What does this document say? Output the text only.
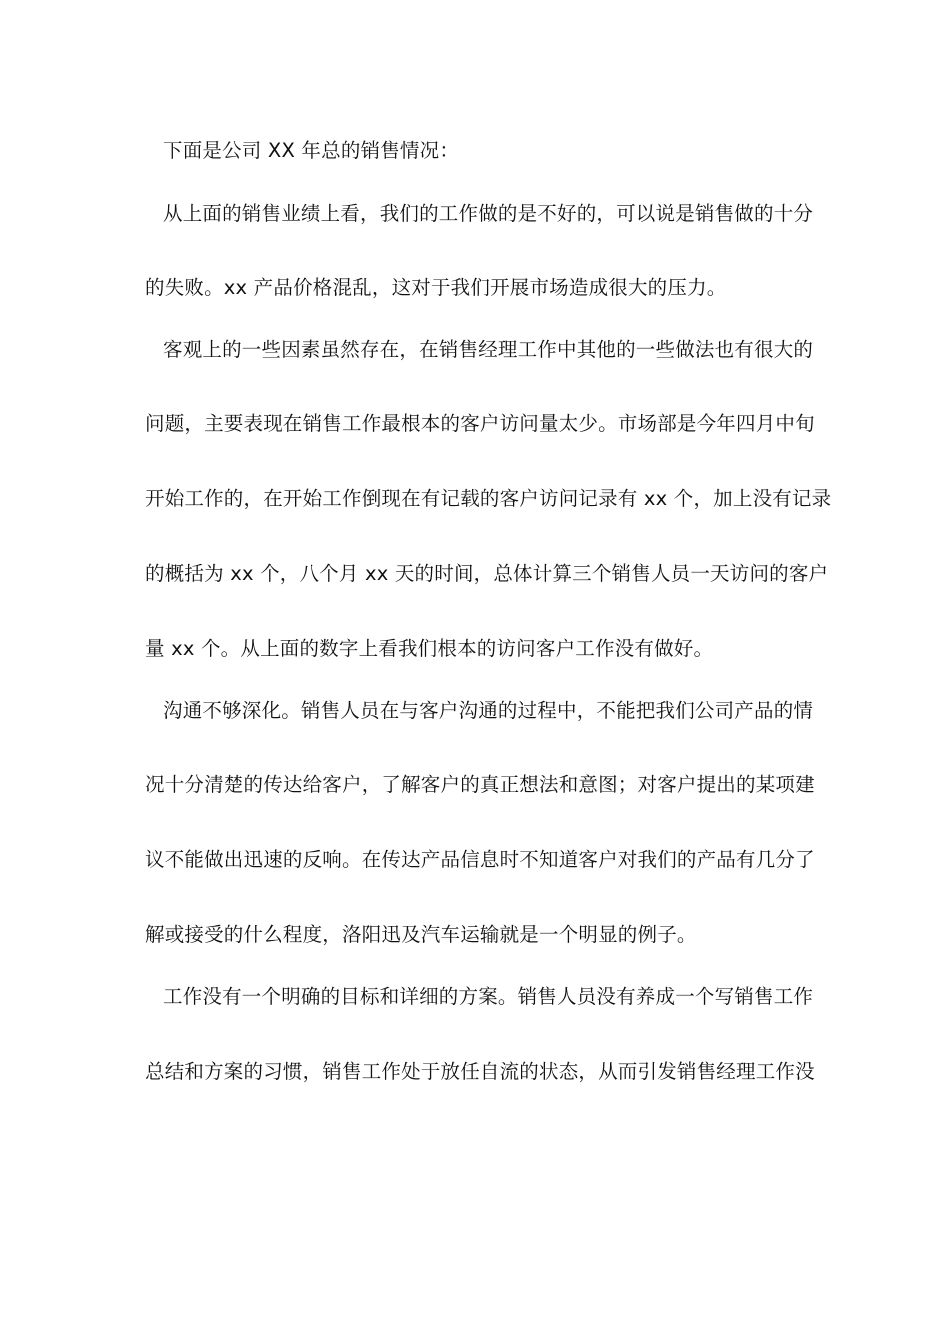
下面是公司 XX 年总的销售情况：
从上面的销售业绩上看，我们的工作做的是不好的，可以说是销售做的十分
的失败。xx 产品价格混乱，这对于我们开展市场造成很大的压力。
客观上的一些因素虽然存在，在销售经理工作中其他的一些做法也有很大的
问题，主要表现在销售工作最根本的客户访问量太少。市场部是今年四月中旬
开始工作的，在开始工作倒现在有记载的客户访问记录有 xx 个，加上没有记录
的概括为 xx 个，八个月 xx 天的时间，总体计算三个销售人员一天访问的客户
量 xx 个。从上面的数字上看我们根本的访问客户工作没有做好。
沟通不够深化。销售人员在与客户沟通的过程中，不能把我们公司产品的情
况十分清楚的传达给客户，了解客户的真正想法和意图；对客户提出的某项建
议不能做出迅速的反响。在传达产品信息时不知道客户对我们的产品有几分了
解或接受的什么程度，洛阳迅及汽车运输就是一个明显的例子。
工作没有一个明确的目标和详细的方案。销售人员没有养成一个写销售工作
总结和方案的习惯，销售工作处于放任自流的状态，从而引发销售经理工作没
